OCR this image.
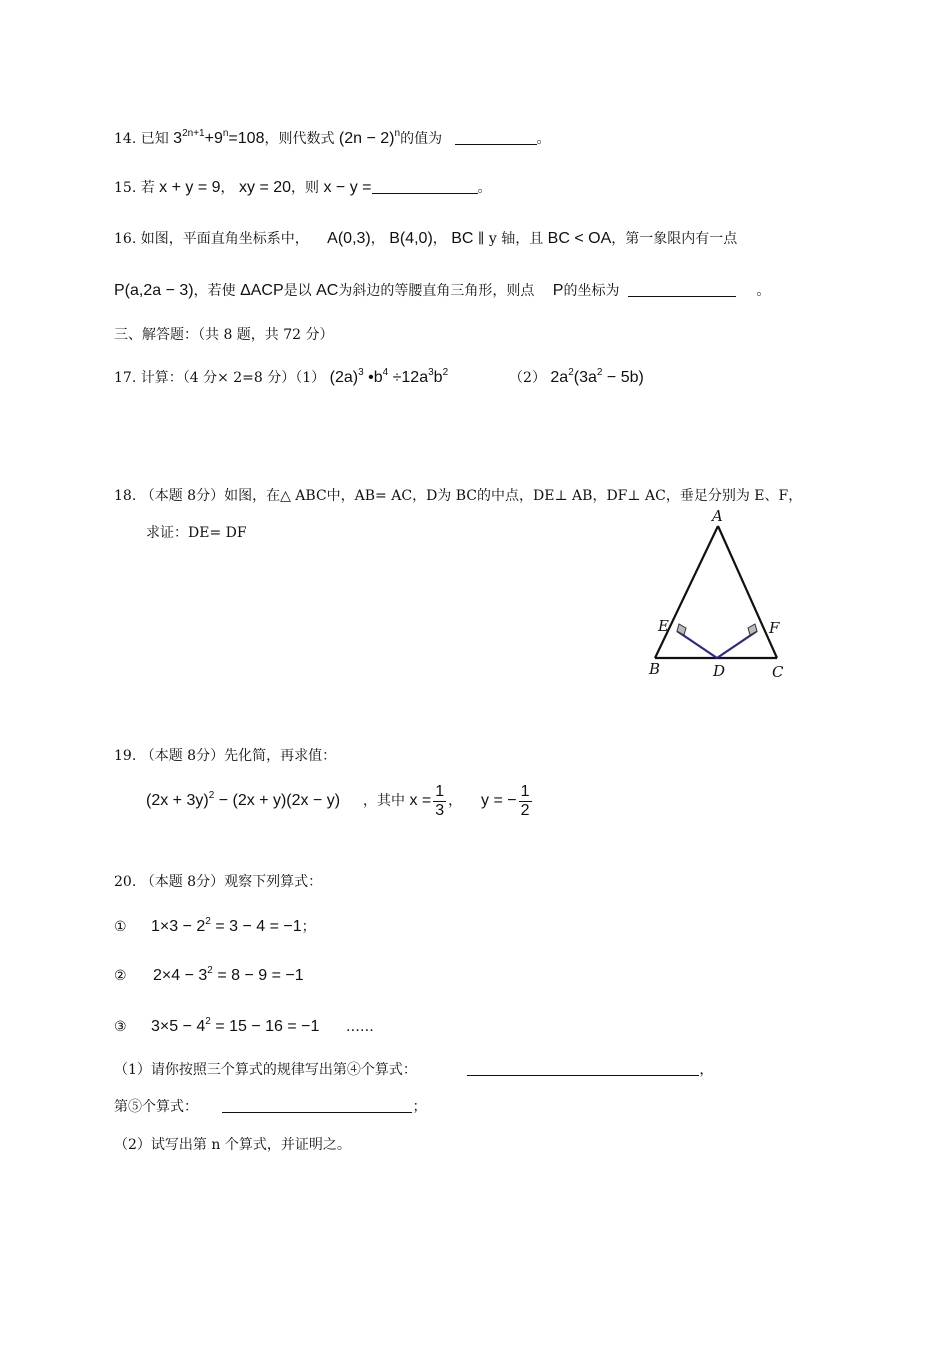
14. 已知 $3^{2n+1}+9^n=108$，则代数式 $(2n - 2)^n$的值为	。
15. 若 x + y = 9， xy = 20，则 x − y =	。
16. 如图，平面直角坐标系中， A(0,3)， B(4,0)， BC ∥ y 轴，且 BC < OA，第一象限内有一点
P(a,2a − 3)，若使 ΔACP是以 AC为斜边的等腰直角三角形，则点 P的坐标为	。
三、解答题：（共 8 题，共 72 分）
17. 计算：（4 分× 2=8 分）（1） $(2a)^3$ $•b^4 \div 12a^3b^2$	（2） $2a^2(3a^2 - 5b)$
18. （本题 8分）如图，在△ ABC中，AB= AC，D为 BC的中点，DE⊥ AB，DF⊥ AC，垂足分别为 E、F，
求证：DE= DF
A
E	F
B	D	C
19. （本题 8分）先化简，再求值：
$(2x + 3y)^2 - (2x + y)(2x - y)$ ，其中 $x = \frac{1}{3}$ ， y = − $\frac{1}{2}$
20. （本题 8分）观察下列算式：
① $1\times 3 - 2^2 = 3 - 4 = -1$；
② $2\times 4 - 3^2 = 8 - 9 = -1$
③ $3\times 5 - 4^2 = 15 - 16 = -1$ ……
（1）请你按照三个算式的规律写出第④个算式：	，
第⑤个算式：	；
（2）试写出第 n 个算式，并证明之。
